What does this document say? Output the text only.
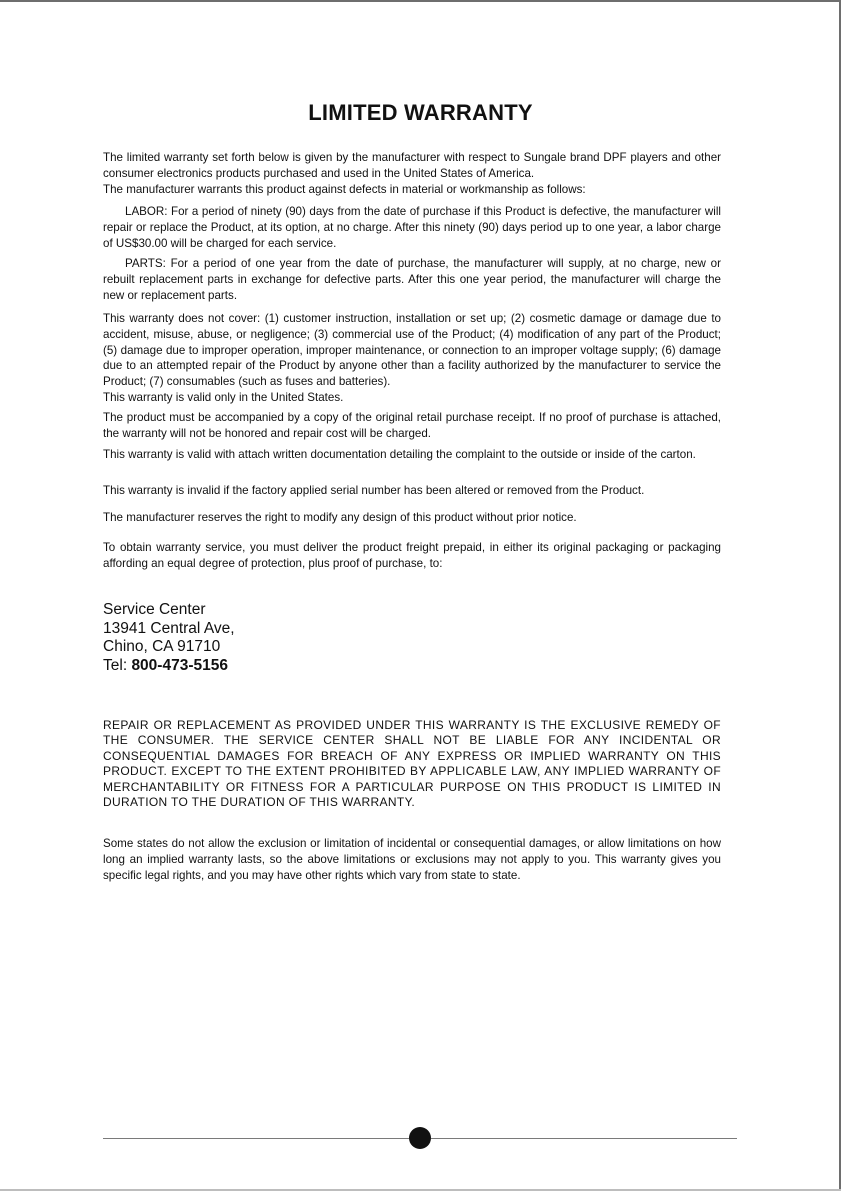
LIMITED WARRANTY
The limited warranty set forth below is given by the manufacturer with respect to Sungale brand DPF players and other consumer electronics products purchased and used in the United States of America.
The manufacturer warrants this product against defects in material or workmanship as follows:
LABOR: For a period of ninety (90) days from the date of purchase if this Product is defective, the manufacturer will repair or replace the Product, at its option, at no charge. After this ninety (90) days period up to one year, a labor charge of US$30.00 will be charged for each service.
PARTS: For a period of one year from the date of purchase, the manufacturer will supply, at no charge, new or rebuilt replacement parts in exchange for defective parts. After this one year period, the manufacturer will charge the new or replacement parts.
This warranty does not cover: (1) customer instruction, installation or set up; (2) cosmetic damage or damage due to accident, misuse, abuse, or negligence; (3) commercial use of the Product; (4) modification of any part of the Product; (5) damage due to improper operation, improper maintenance, or connection to an improper voltage supply; (6) damage due to an attempted repair of the Product by anyone other than a facility authorized by the manufacturer to service the Product; (7) consumables (such as fuses and batteries).
This warranty is valid only in the United States.
The product must be accompanied by a copy of the original retail purchase receipt. If no proof of purchase is attached, the warranty will not be honored and repair cost will be charged.
This warranty is valid with attach written documentation detailing the complaint to the outside or inside of the carton.
This warranty is invalid if the factory applied serial number has been altered or removed from the Product.
The manufacturer reserves the right to modify any design of this product without prior notice.
To obtain warranty service, you must deliver the product freight prepaid, in either its original packaging or packaging affording an equal degree of protection, plus proof of purchase, to:
Service Center
13941 Central Ave,
Chino, CA 91710
Tel: 800-473-5156
REPAIR OR REPLACEMENT AS PROVIDED UNDER THIS WARRANTY IS THE EXCLUSIVE REMEDY OF THE CONSUMER. THE SERVICE CENTER SHALL NOT BE LIABLE FOR ANY INCIDENTAL OR CONSEQUENTIAL DAMAGES FOR BREACH OF ANY EXPRESS OR IMPLIED WARRANTY ON THIS PRODUCT. EXCEPT TO THE EXTENT PROHIBITED BY APPLICABLE LAW, ANY IMPLIED WARRANTY OF MERCHANTABILITY OR FITNESS FOR A PARTICULAR PURPOSE ON THIS PRODUCT IS LIMITED IN DURATION TO THE DURATION OF THIS WARRANTY.
Some states do not allow the exclusion or limitation of incidental or consequential damages, or allow limitations on how long an implied warranty lasts, so the above limitations or exclusions may not apply to you. This warranty gives you specific legal rights, and you may have other rights which vary from state to state.
